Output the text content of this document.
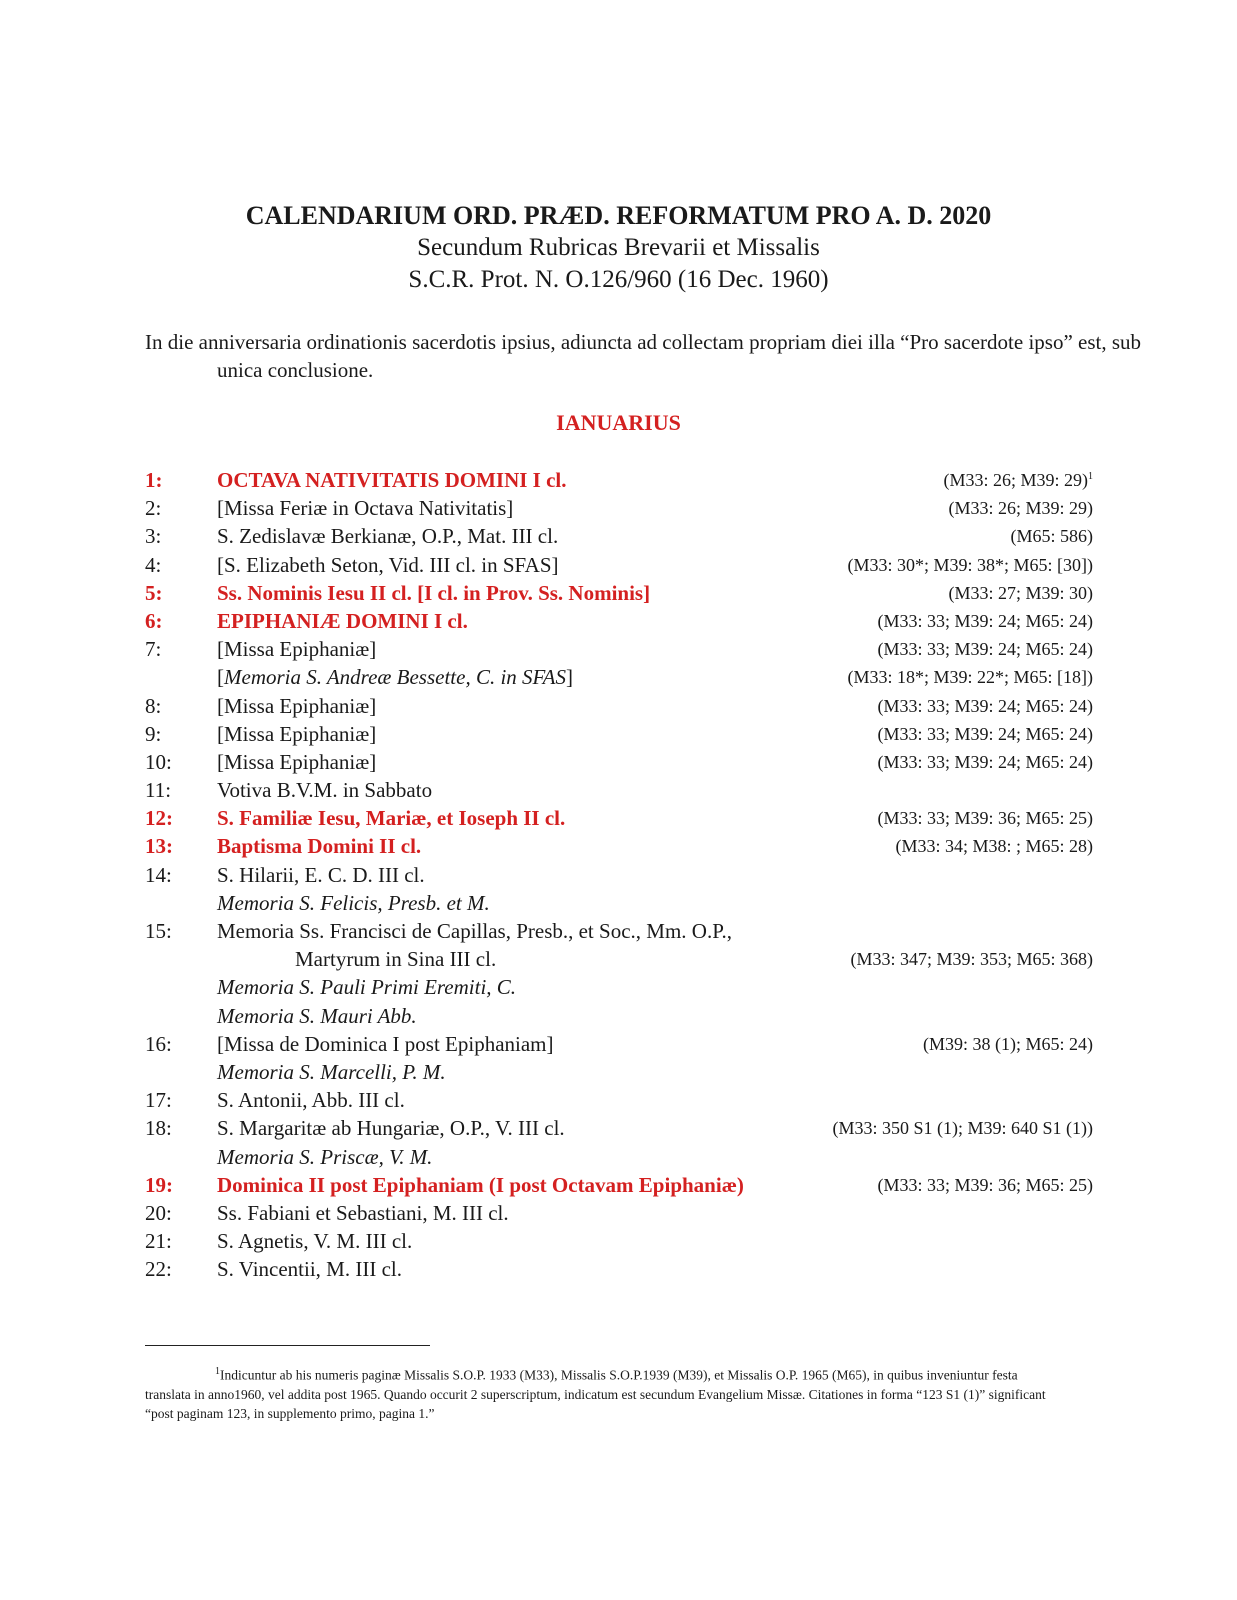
CALENDARIUM ORD. PRÆD. REFORMATUM PRO A. D. 2020
Secundum Rubricas Brevarii et Missalis
S.C.R. Prot. N. O.126/960 (16 Dec. 1960)
In die anniversaria ordinationis sacerdotis ipsius, adiuncta ad collectam propriam diei illa “Pro sacerdote ipso” est, sub unica conclusione.
IANUARIUS
1:	OCTAVA NATIVITATIS DOMINI I cl.	(M33: 26; M39: 29)$^1$
2:	[Missa Feriæ in Octava Nativitatis]	(M33: 26; M39: 29)
3:	S. Zedislavæ Berkianæ, O.P., Mat. III cl.	(M65: 586)
4:	[S. Elizabeth Seton, Vid. III cl. in SFAS]	(M33: 30*; M39: 38*; M65: [30])
5:	Ss. Nominis Iesu II cl. [I cl. in Prov. Ss. Nominis]	(M33: 27; M39: 30)
6:	EPIPHANIÆ DOMINI I cl.	(M33: 33; M39: 24; M65: 24)
7:	[Missa Epiphaniæ]	(M33: 33; M39: 24; M65: 24)
[Memoria S. Andreæ Bessette, C. in SFAS]	(M33: 18*; M39: 22*; M65: [18])
8:	[Missa Epiphaniæ]	(M33: 33; M39: 24; M65: 24)
9:	[Missa Epiphaniæ]	(M33: 33; M39: 24; M65: 24)
10: [Missa Epiphaniæ]	(M33: 33; M39: 24; M65: 24)
11: Votiva B.V.M. in Sabbato
12: S. Familiæ Iesu, Mariæ, et Ioseph II cl.	(M33: 33; M39: 36; M65: 25)
13: Baptisma Domini II cl.	(M33: 34; M38: ; M65: 28)
14: S. Hilarii, E. C. D. III cl.
Memoria S. Felicis, Presb. et M.
15: Memoria Ss. Francisci de Capillas, Presb., et Soc., Mm. O.P.,
Martyrum in Sina III cl.	(M33: 347; M39: 353; M65: 368)
Memoria S. Pauli Primi Eremiti, C.
Memoria S. Mauri Abb.
16: [Missa de Dominica I post Epiphaniam]	(M39: 38 (1); M65: 24)
Memoria S. Marcelli, P. M.
17: S. Antonii, Abb. III cl.
18: S. Margaritæ ab Hungariæ, O.P., V. III cl.	(M33: 350 S1 (1); M39: 640 S1 (1))
Memoria S. Priscæ, V. M.
19: Dominica II post Epiphaniam (I post Octavam Epiphaniæ)	(M33: 33; M39: 36; M65: 25)
20: Ss. Fabiani et Sebastiani, M. III cl.
21: S. Agnetis, V. M. III cl.
22: S. Vincentii, M. III cl.
$^1$Indicuntur ab his numeris paginæ Missalis S.O.P. 1933 (M33), Missalis S.O.P.1939 (M39), et Missalis O.P. 1965 (M65), in quibus inveniuntur festa translata in anno1960, vel addita post 1965. Quando occurit 2 superscriptum, indicatum est secundum Evangelium Missæ. Citationes in forma “123 S1 (1)” significant “post paginam 123, in supplemento primo, pagina 1.”
